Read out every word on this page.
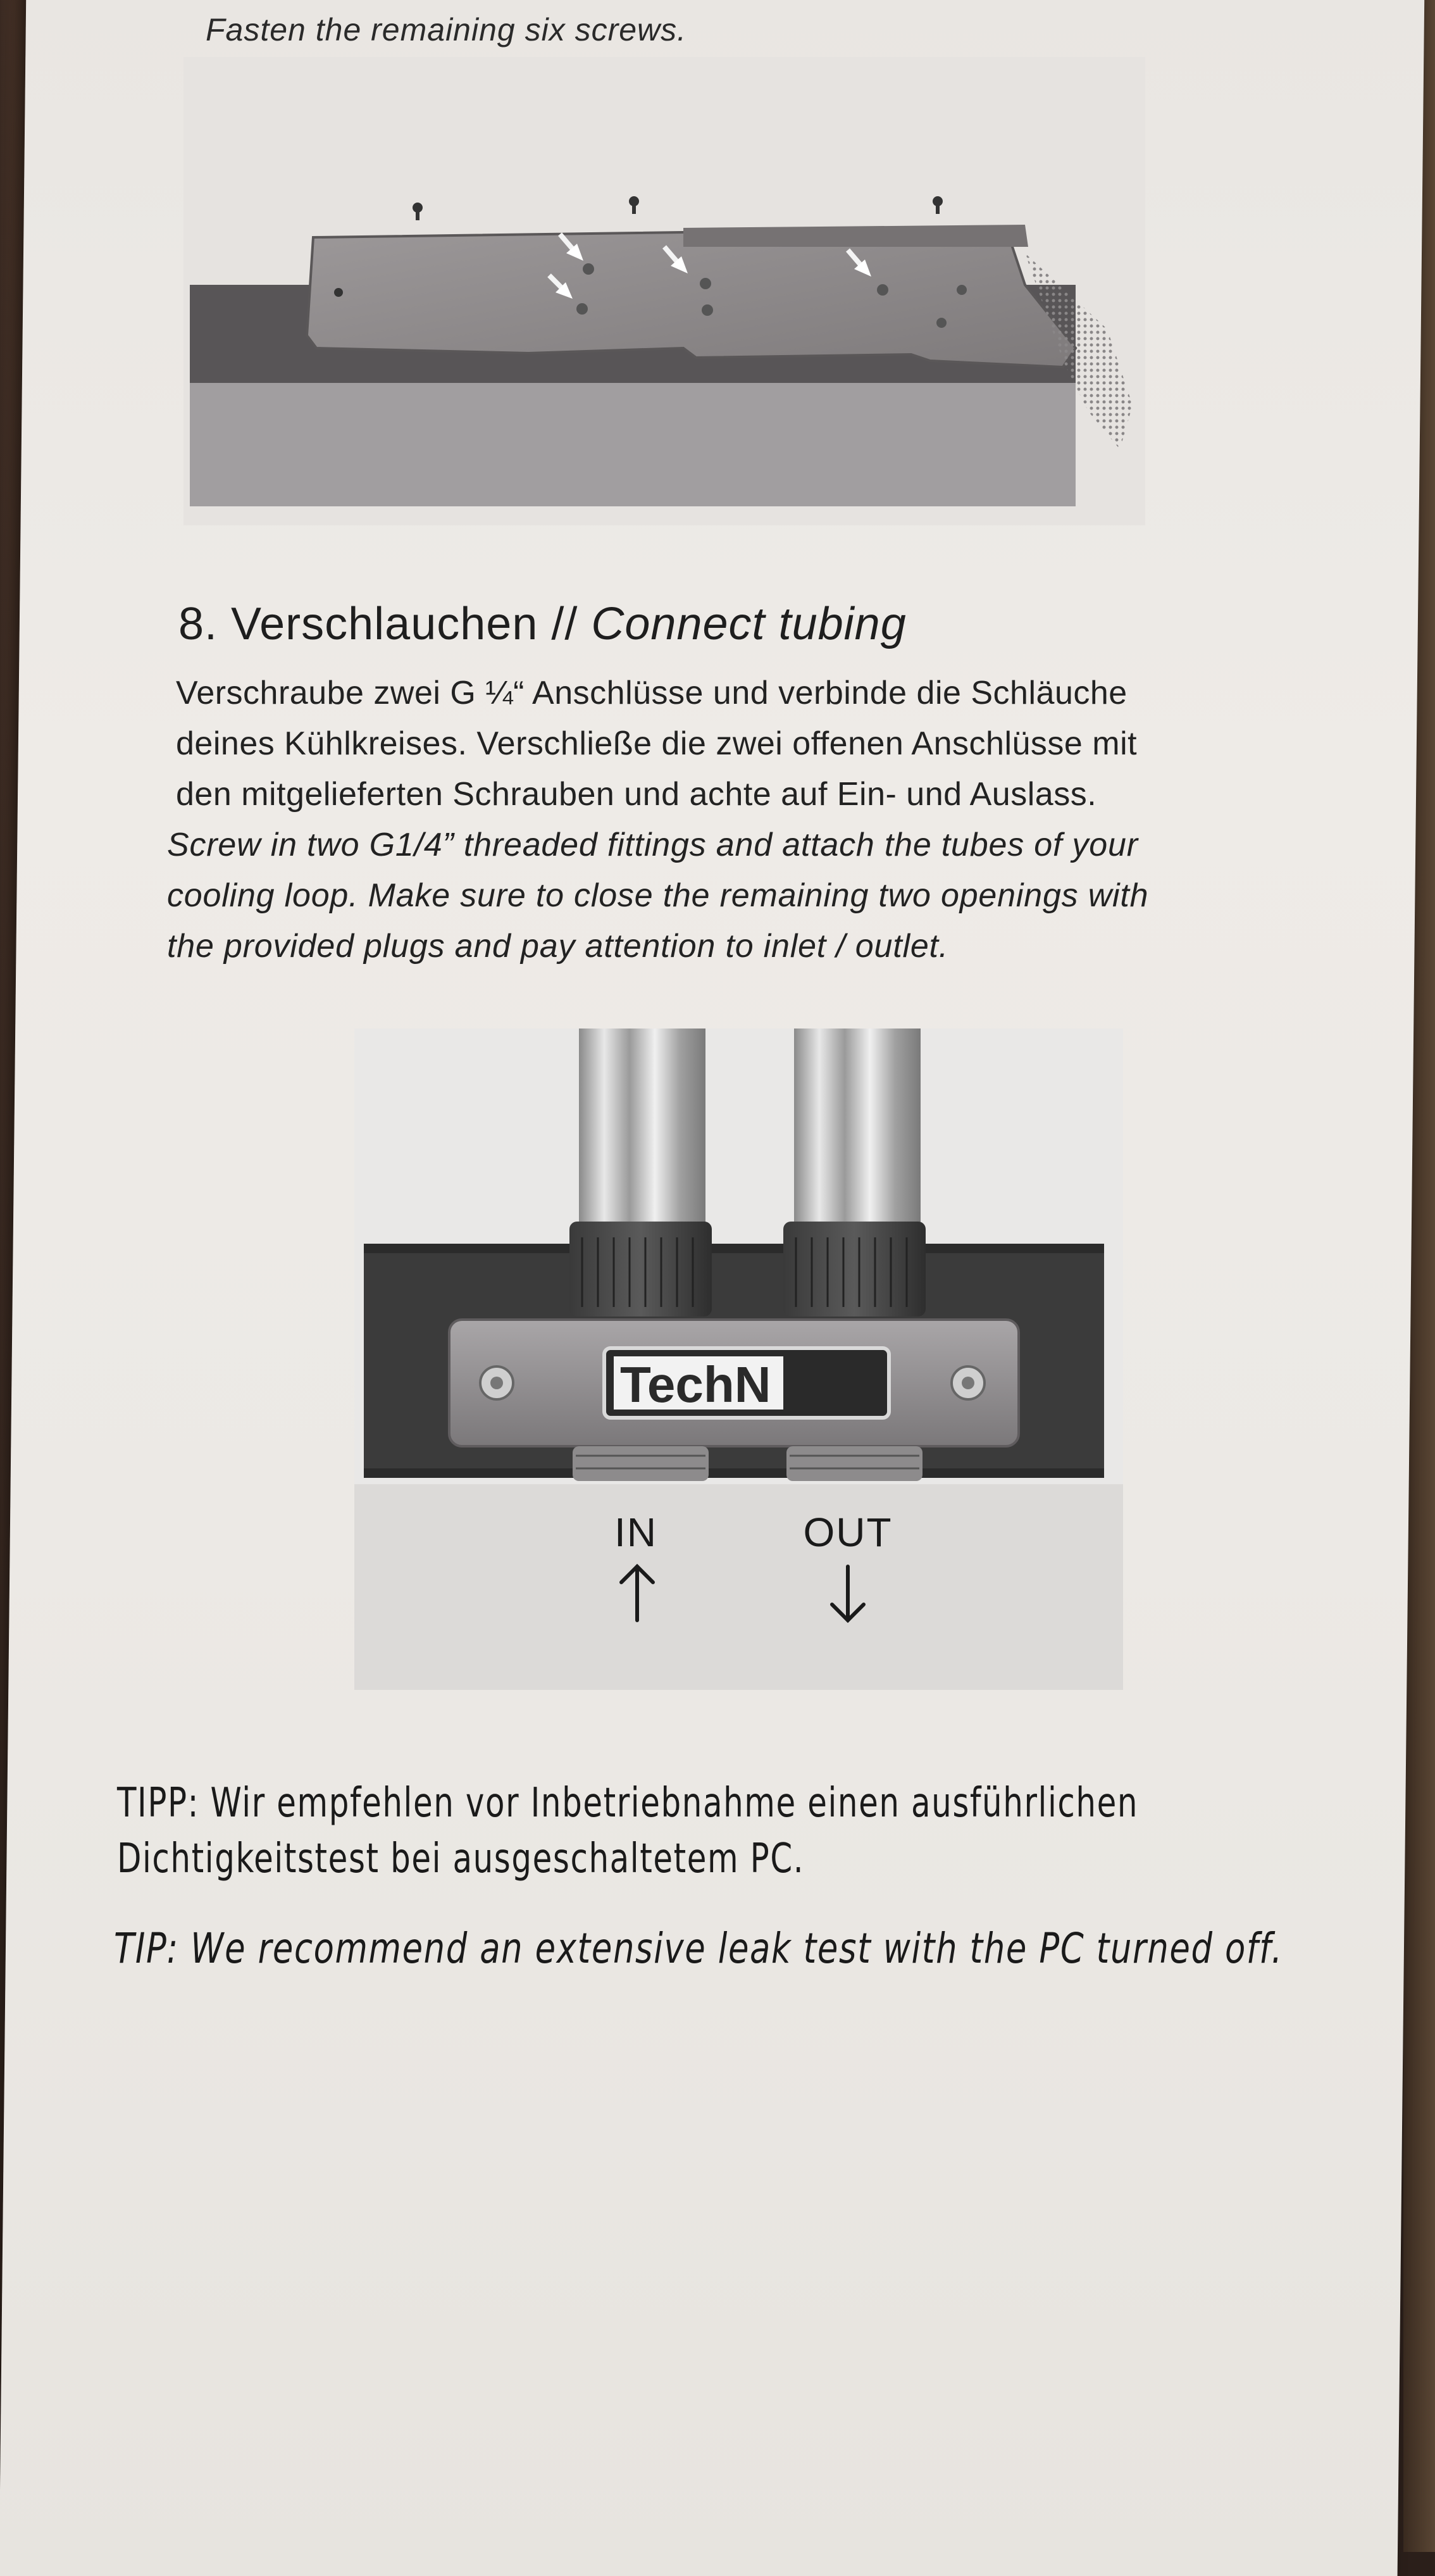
Fasten the remaining six screws.
8. Verschlauchen // Connect tubing
Verschraube zwei G ¼“ Anschlüsse und verbinde die Schläuche
deines Kühlkreises. Verschließe die zwei offenen Anschlüsse mit
den mitgelieferten Schrauben und achte auf Ein- und Auslass.
Screw in two G1/4” threaded fittings and attach the tubes of your
cooling loop. Make sure to close the remaining two openings with
the provided plugs and pay attention to inlet / outlet.
TechN
IN	OUT
TIPP: Wir empfehlen vor Inbetriebnahme einen ausführlichen
Dichtigkeitstest bei ausgeschaltetem PC.
TIP: We recommend an extensive leak test with the PC turned off.
